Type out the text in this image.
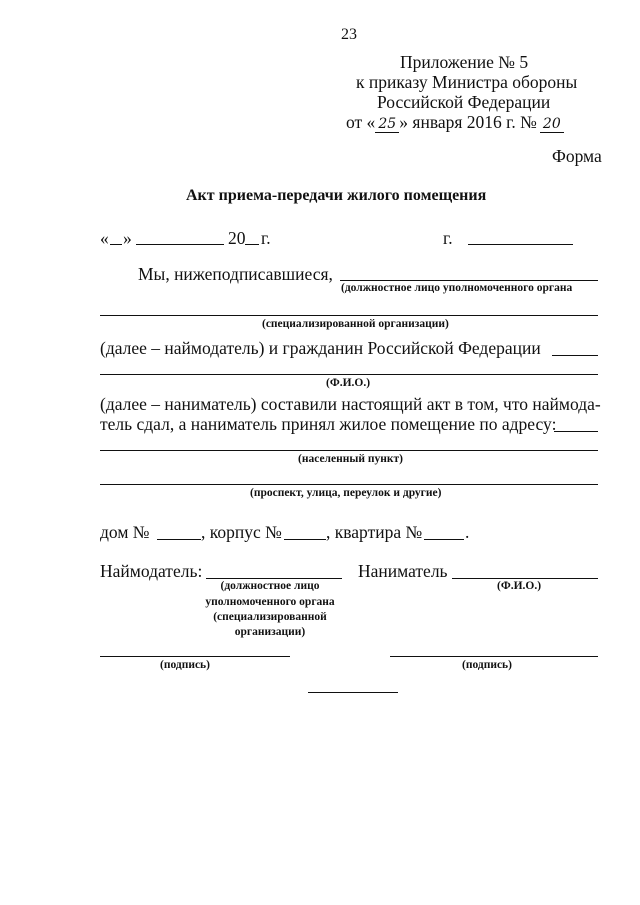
23
Приложение № 5
к приказу Министра обороны
Российской Федерации
от « 25 » января 2016 г. № 20
Форма
Акт приема-передачи жилого помещения
« »	20 г.	г.
Мы, нижеподписавшиеся,
(должностное лицо уполномоченного органа
(специализированной организации)
(далее – наймодатель) и гражданин Российской Федерации
(Ф.И.О.)
(далее – наниматель) составили настоящий акт в том, что наймода-
тель сдал, а наниматель принял жилое помещение по адресу:
(населенный пункт)
(проспект, улица, переулок и другие)
дом №	, корпус №	, квартира № .
Наймодатель:	Наниматель
(должностное лицо
уполномоченного органа
(специализированной
организации)
(Ф.И.О.)
(подпись)	(подпись)
